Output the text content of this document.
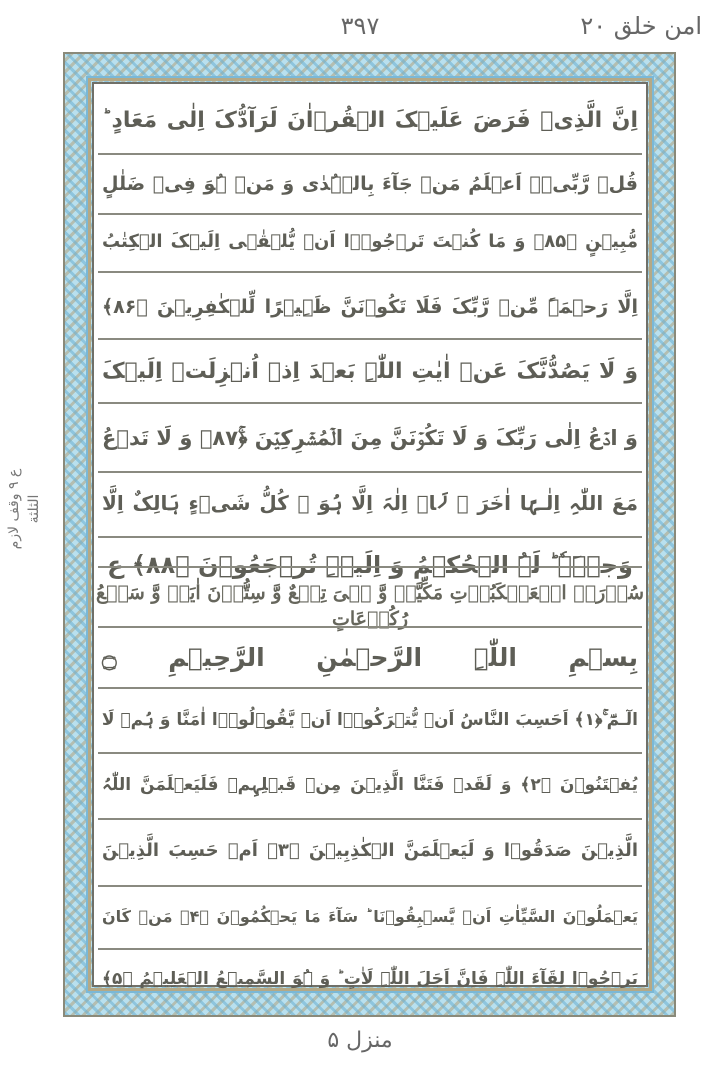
امن خلق ۲۰
۳۹۷
ع ۹ وقف لازم
الثلثة
اِنَّ الَّذِیۡ فَرَضَ عَلَیۡکَ الۡقُرۡاٰنَ لَرَآدُّکَ اِلٰی مَعَادٍ ؕ
قُلۡ رَّبِّیۡۤ اَعۡلَمُ مَنۡ جَآءَ بِالۡہُدٰی وَ مَنۡ ہُوَ فِیۡ ضَلٰلٍ
مُّبِیۡنٍ ﴿۸۵﴾ وَ مَا کُنۡتَ تَرۡجُوۡۤا اَنۡ یُّلۡقٰۤی اِلَیۡکَ الۡکِتٰبُ
اِلَّا رَحۡمَۃً مِّنۡ رَّبِّکَ فَلَا تَکُوۡنَنَّ ظَہِیۡرًا لِّلۡکٰفِرِیۡنَ ﴿۸۶﴾
وَ لَا یَصُدُّنَّکَ عَنۡ اٰیٰتِ اللّٰہِ بَعۡدَ اِذۡ اُنۡزِلَتۡ اِلَیۡکَ
وَ ادۡعُ اِلٰی رَبِّکَ وَ لَا تَکُوۡنَنَّ مِنَ الۡمُشۡرِکِیۡنَ ﴿ۚ۸۷﴾ وَ لَا تَدۡعُ
مَعَ اللّٰہِ اِلٰـہًا اٰخَرَ ۘ لَاۤ اِلٰہَ اِلَّا ہُوَ ۟ کُلُّ شَیۡءٍ ہَالِکٌ اِلَّا
وَجۡہَہٗ ؕ لَہُ الۡحُکۡمُ وَ اِلَیۡہِ تُرۡجَعُوۡنَ ﴿۸۸﴾ ع
سُوۡرَۃُ الۡعَنۡکَبُوۡتِ مَکِّیَّۃٌ وَّ ہِیَ تِسۡعٌ وَّ سِتُّوۡنَ اٰیَۃً وَّ سَبۡعُ رُکُوۡعَاتٍ
بِسۡمِ اللّٰہِ الرَّحۡمٰنِ الرَّحِیۡمِ ۝
الٓـمّٓ ۚ﴿۱﴾ اَحَسِبَ النَّاسُ اَنۡ یُّتۡرَکُوۡۤا اَنۡ یَّقُوۡلُوۡۤا اٰمَنَّا وَ ہُمۡ لَا
یُفۡتَنُوۡنَ ﴿۲﴾ وَ لَقَدۡ فَتَنَّا الَّذِیۡنَ مِنۡ قَبۡلِہِمۡ فَلَیَعۡلَمَنَّ اللّٰہُ
الَّذِیۡنَ صَدَقُوۡا وَ لَیَعۡلَمَنَّ الۡکٰذِبِیۡنَ ﴿۳﴾ اَمۡ حَسِبَ الَّذِیۡنَ
یَعۡمَلُوۡنَ السَّیِّاٰتِ اَنۡ یَّسۡبِقُوۡنَا ؕ سَآءَ مَا یَحۡکُمُوۡنَ ﴿۴﴾ مَنۡ کَانَ
یَرۡجُوۡا لِقَآءَ اللّٰہِ فَاِنَّ اَجَلَ اللّٰہِ لَاٰتٍ ؕ وَ ہُوَ السَّمِیۡعُ الۡعَلِیۡمُ ﴿۵﴾
منزل ۵
